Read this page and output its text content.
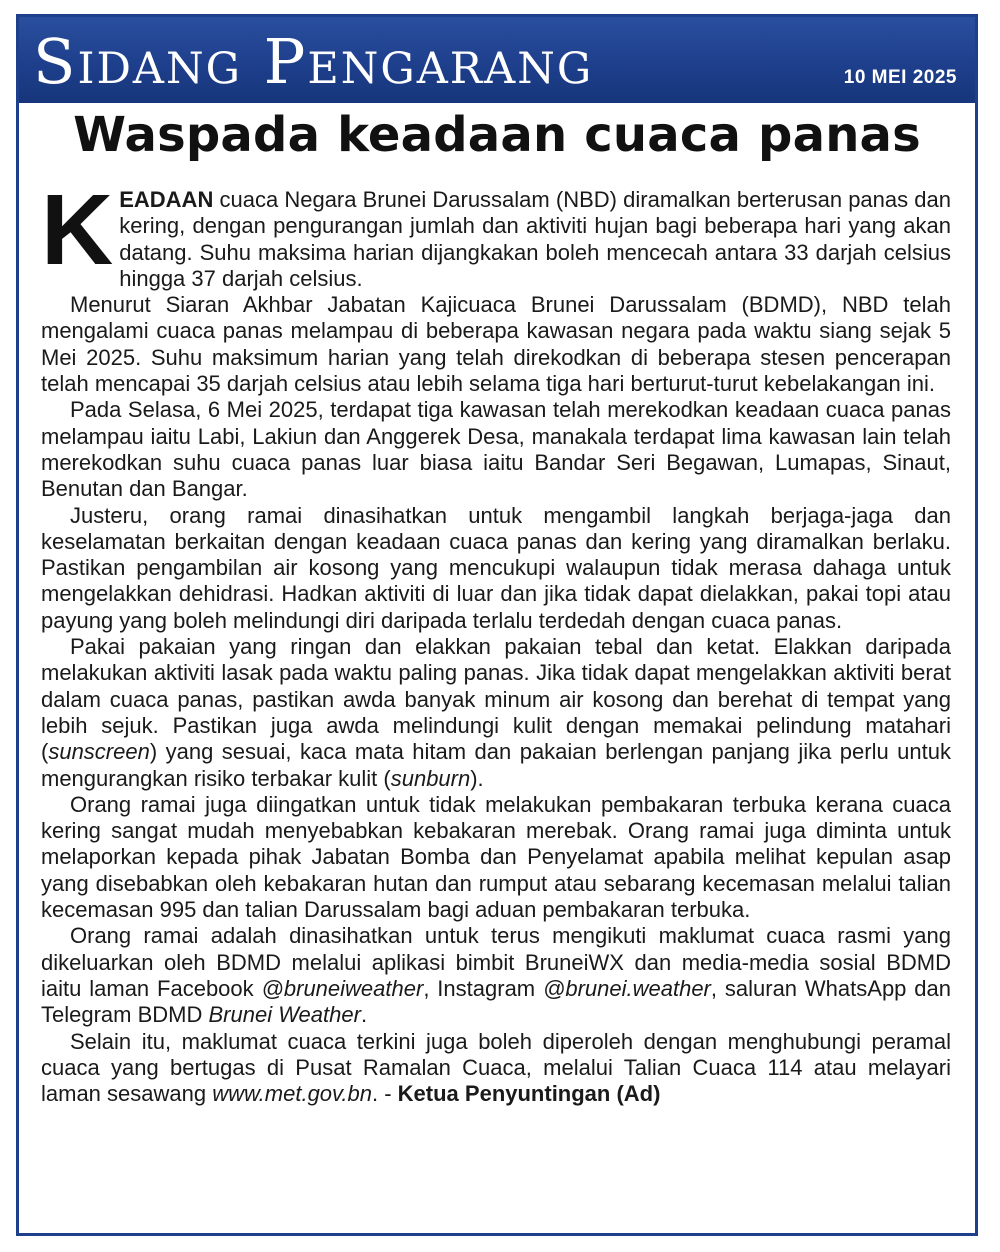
Sidang Pengarang	10 MEI 2025
Waspada keadaan cuaca panas

KEADAAN cuaca Negara Brunei Darussalam (NBD) diramalkan berterusan panas dan kering, dengan pengurangan jumlah dan aktiviti hujan bagi beberapa hari yang akan datang. Suhu maksima harian dijangkakan boleh mencecah antara 33 darjah celsius hingga 37 darjah celsius.

Menurut Siaran Akhbar Jabatan Kajicuaca Brunei Darussalam (BDMD), NBD telah mengalami cuaca panas melampau di beberapa kawasan negara pada waktu siang sejak 5 Mei 2025. Suhu maksimum harian yang telah direkodkan di beberapa stesen pencerapan telah mencapai 35 darjah celsius atau lebih selama tiga hari berturut-turut kebelakangan ini.

Pada Selasa, 6 Mei 2025, terdapat tiga kawasan telah merekodkan keadaan cuaca panas melampau iaitu Labi, Lakiun dan Anggerek Desa, manakala terdapat lima kawasan lain telah merekodkan suhu cuaca panas luar biasa iaitu Bandar Seri Begawan, Lumapas, Sinaut, Benutan dan Bangar.

Justeru, orang ramai dinasihatkan untuk mengambil langkah berjaga-jaga dan keselamatan berkaitan dengan keadaan cuaca panas dan kering yang diramalkan berlaku. Pastikan pengambilan air kosong yang mencukupi walaupun tidak merasa dahaga untuk mengelakkan dehidrasi. Hadkan aktiviti di luar dan jika tidak dapat dielakkan, pakai topi atau payung yang boleh melindungi diri daripada terlalu terdedah dengan cuaca panas.

Pakai pakaian yang ringan dan elakkan pakaian tebal dan ketat. Elakkan daripada melakukan aktiviti lasak pada waktu paling panas. Jika tidak dapat mengelakkan aktiviti berat dalam cuaca panas, pastikan awda banyak minum air kosong dan berehat di tempat yang lebih sejuk. Pastikan juga awda melindungi kulit dengan memakai pelindung matahari (sunscreen) yang sesuai, kaca mata hitam dan pakaian berlengan panjang jika perlu untuk mengurangkan risiko terbakar kulit (sunburn).

Orang ramai juga diingatkan untuk tidak melakukan pembakaran terbuka kerana cuaca kering sangat mudah menyebabkan kebakaran merebak. Orang ramai juga diminta untuk melaporkan kepada pihak Jabatan Bomba dan Penyelamat apabila melihat kepulan asap yang disebabkan oleh kebakaran hutan dan rumput atau sebarang kecemasan melalui talian kecemasan 995 dan talian Darussalam bagi aduan pembakaran terbuka.

Orang ramai adalah dinasihatkan untuk terus mengikuti maklumat cuaca rasmi yang dikeluarkan oleh BDMD melalui aplikasi bimbit BruneiWX dan media-media sosial BDMD iaitu laman Facebook @bruneiweather, Instagram @brunei.weather, saluran WhatsApp dan Telegram BDMD Brunei Weather.

Selain itu, maklumat cuaca terkini juga boleh diperoleh dengan menghubungi peramal cuaca yang bertugas di Pusat Ramalan Cuaca, melalui Talian Cuaca 114 atau melayari laman sesawang www.met.gov.bn. - Ketua Penyuntingan (Ad)
